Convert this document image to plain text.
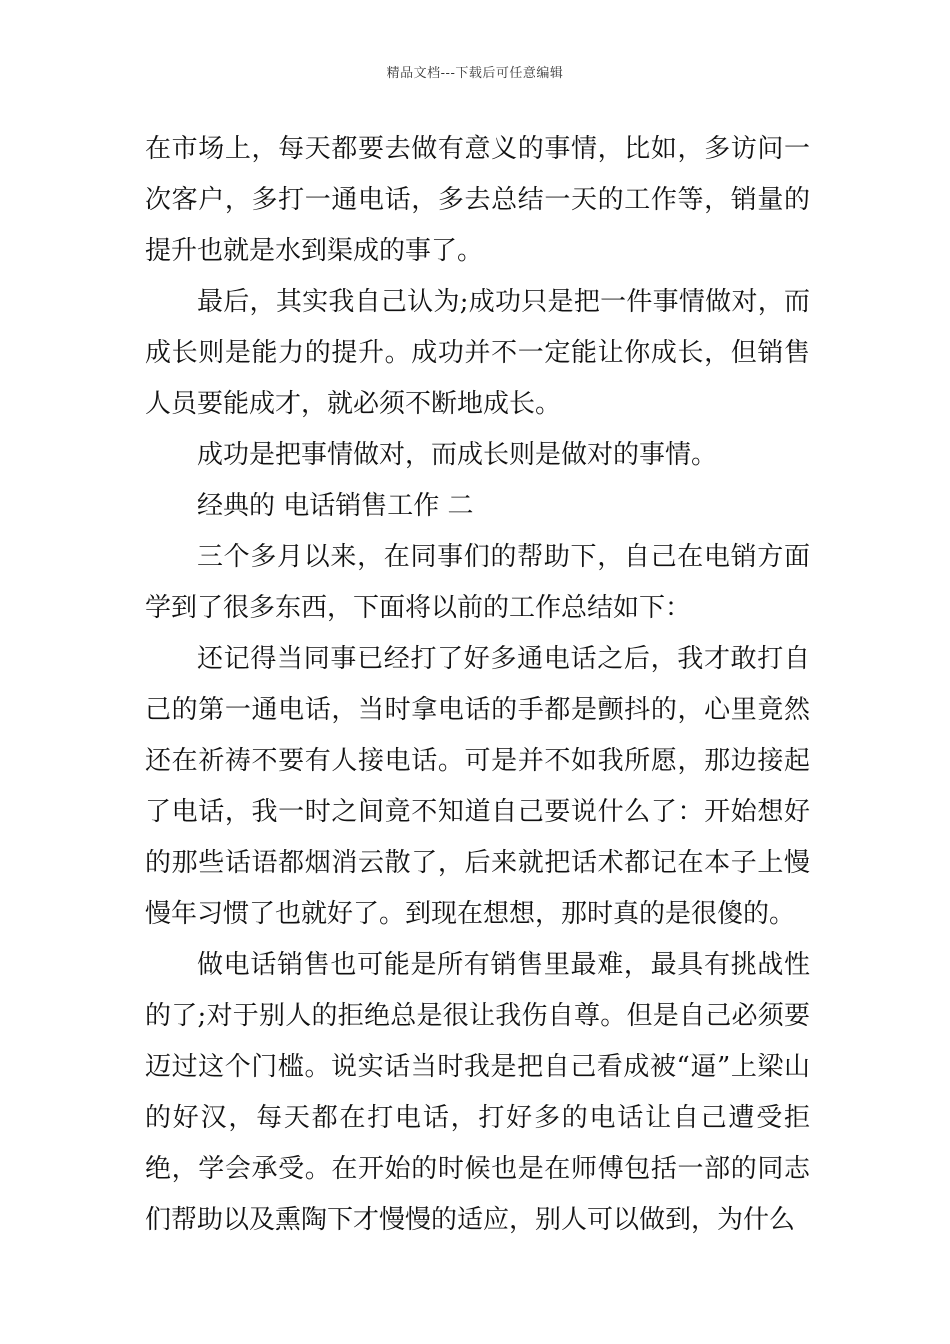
精品文档---下载后可任意编辑

在市场上，每天都要去做有意义的事情，比如，多访问一次客户，多打一通电话，多去总结一天的工作等，销量的提升也就是水到渠成的事了。

最后，其实我自己认为;成功只是把一件事情做对，而成长则是能力的提升。成功并不一定能让你成长，但销售人员要能成才，就必须不断地成长。

成功是把事情做对，而成长则是做对的事情。

经典的 电话销售工作 二

三个多月以来，在同事们的帮助下，自己在电销方面学到了很多东西，下面将以前的工作总结如下：

还记得当同事已经打了好多通电话之后，我才敢打自己的第一通电话，当时拿电话的手都是颤抖的，心里竟然还在祈祷不要有人接电话。可是并不如我所愿，那边接起了电话，我一时之间竟不知道自己要说什么了：开始想好的那些话语都烟消云散了，后来就把话术都记在本子上慢慢年习惯了也就好了。到现在想想，那时真的是很傻的。

做电话销售也可能是所有销售里最难，最具有挑战性的了;对于别人的拒绝总是很让我伤自尊。但是自己必须要迈过这个门槛。说实话当时我是把自己看成被“逼”上梁山的好汉，每天都在打电话，打好多的电话让自己遭受拒绝，学会承受。在开始的时候也是在师傅包括一部的同志们帮助以及熏陶下才慢慢的适应，别人可以做到，为什么
